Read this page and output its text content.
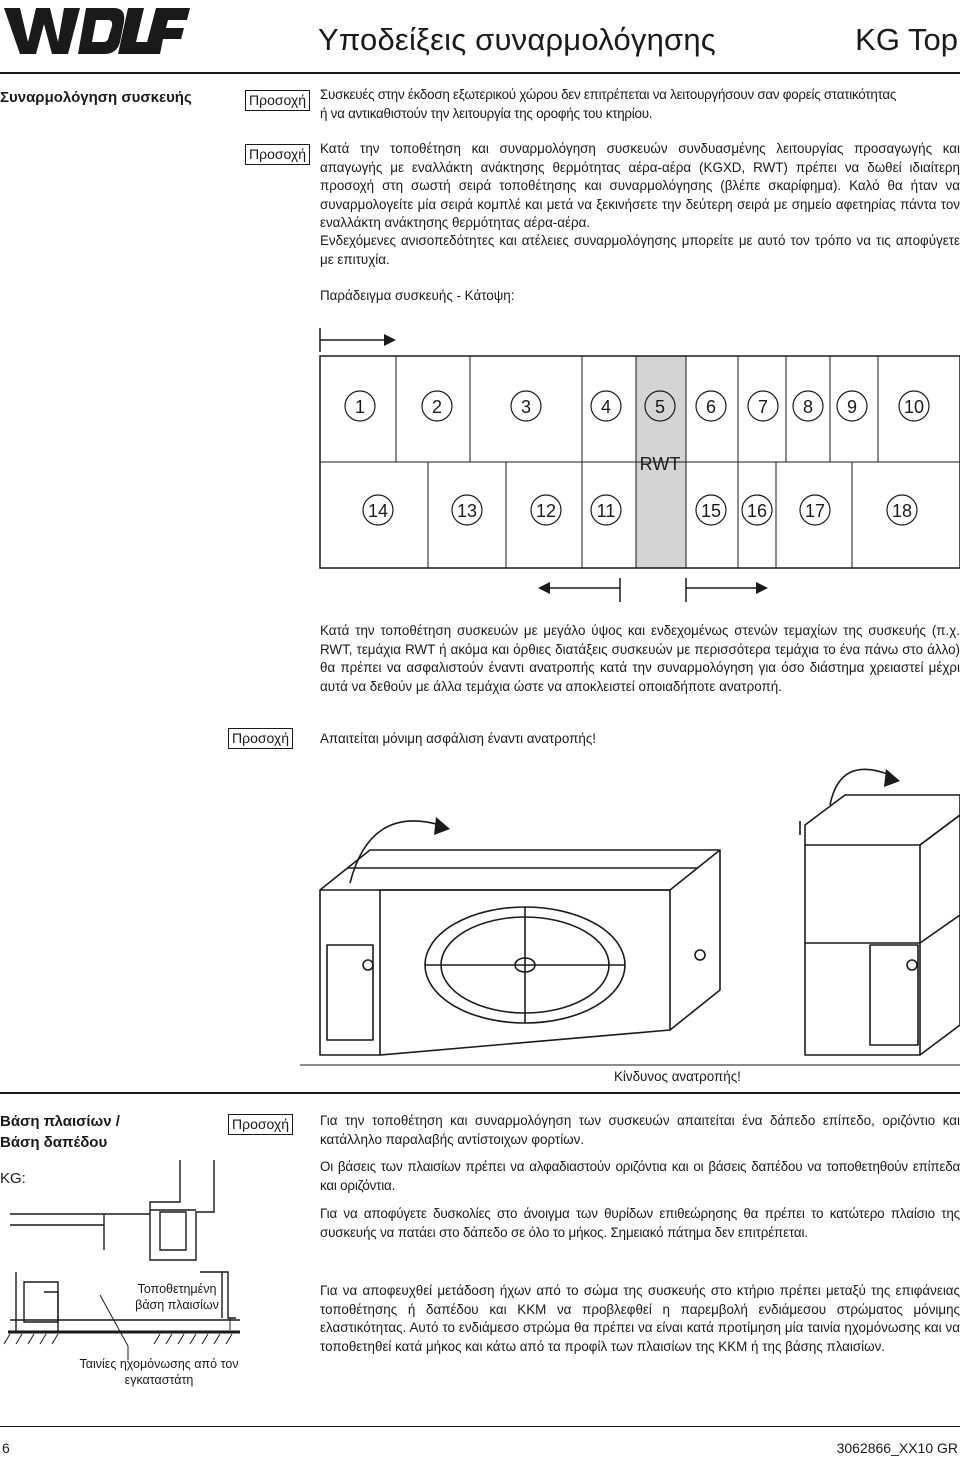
Υποδείξεις συναρμολόγησης	KG Top
Συναρμολόγηση συσκευής	Προσοχή Συσκευές στην έκδοση εξωτερικού χώρου δεν επιτρέπεται να λειτουργήσουν σαν φορείς στατικότητας
ή να αντικαθιστούν την λειτουργία της οροφής του κτηρίου.
Προσοχή Κατά την τοποθέτηση και συναρμολόγηση συσκευών συνδυασμένης λειτουργίας προσαγωγής και απαγωγής με εναλλάκτη ανάκτησης θερμότητας αέρα-αέρα (KGXD, RWT) πρέπει να δωθεί ιδιαίτερη προσοχή στη σωστή σειρά τοποθέτησης και συναρμολόγησης (βλέπε σκαρίφημα). Καλό θα ήταν να συναρμολογείτε μία σειρά κομπλέ και μετά να ξεκινήσετε την δεύτερη σειρά με σημείο αφετηρίας πάντα τον εναλλάκτη ανάκτησης θερμότητας αέρα-αέρα.
Ενδεχόμενες ανισοπεδότητες και ατέλειες συναρμολόγησης μπορείτε με αυτό τον τρόπο να τις αποφύγετε με επιτυχία.
Παράδειγμα συσκευής - Κάτοψη:
1	2	3	4 5 6 7 8 9	10
14	13	12 11	15 16 17	18
RWT
Κατά την τοποθέτηση συσκευών με μεγάλο ύψος και ενδεχομένως στενών τεμαχίων της συσκευής (π.χ. RWT, τεμάχια RWT ή ακόμα και όρθιες διατάξεις συσκευών με περισσότερα τεμάχια το ένα πάνω στο άλλο) θα πρέπει να ασφαλιστούν έναντι ανατροπής κατά την συναρμολόγηση για όσο διάστημα χρειαστεί μέχρι αυτά να δεθούν με άλλα τεμάχια ώστε να αποκλειστεί οποιαδήποτε ανατροπή.
Προσοχή Απαιτείται μόνιμη ασφάλιση έναντι ανατροπής!
Κίνδυνος ανατροπής!
Βάση πλαισίων /
Βάση δαπέδου
KG:
Προσοχή Για την τοποθέτηση και συναρμολόγηση των συσκευών απαιτείται ένα δάπεδο επίπεδο, οριζόντιο και κατάλληλο παραλαβής αντίστοιχων φορτίων.
Οι βάσεις των πλαισίων πρέπει να αλφαδιαστούν οριζόντια και οι βάσεις δαπέδου να τοποθετηθούν επίπεδα και οριζόντια.
Για να αποφύγετε δυσκολίες στο άνοιγμα των θυρίδων επιθεώρησης θα πρέπει το κατώτερο πλαίσιο της συσκευής να πατάει στο δάπεδο σε όλο το μήκος. Σημειακό πάτημα δεν επιτρέπεται.
Για να αποφευχθεί μετάδοση ήχων από το σώμα της συσκευής στο κτήριο πρέπει μεταξύ της επιφάνειας τοποθέτησης ή δαπέδου και ΚΚΜ να προβλεφθεί η παρεμβολή ενδιάμεσου στρώματος μόνιμης ελαστικότητας. Αυτό το ενδιάμεσο στρώμα θα πρέπει να είναι κατά προτίμηση μία ταινία ηχομόνωσης και να τοποθετηθεί κατά μήκος και κάτω από τα προφίλ των πλαισίων της ΚΚΜ ή της βάσης πλαισίων.
Τοποθετημένη
βάση πλαισίων
Ταινίες ηχομόνωσης από τον
εγκαταστάτη
6	3062866_XX10 GR
